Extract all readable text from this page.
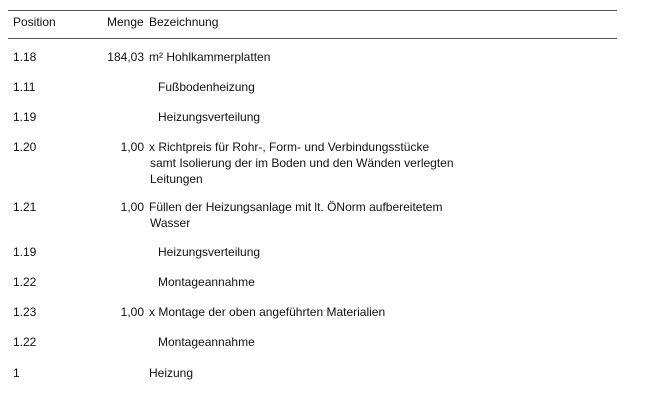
Position	Menge Bezeichnung
1.18	184,03 m² Hohlkammerplatten
1.11	Fußbodenheizung
1.19	Heizungsverteilung
1.20	1,00 x Richtpreis für Rohr-, Form- und Verbindungsstücke
samt Isolierung der im Boden und den Wänden verlegten
Leitungen
1.21	1,00 Füllen der Heizungsanlage mit lt. ÖNorm aufbereitetem
Wasser
1.19	Heizungsverteilung
1.22	Montageannahme
1.23	1,00 x Montage der oben angeführten Materialien
1.22	Montageannahme
1	Heizung
